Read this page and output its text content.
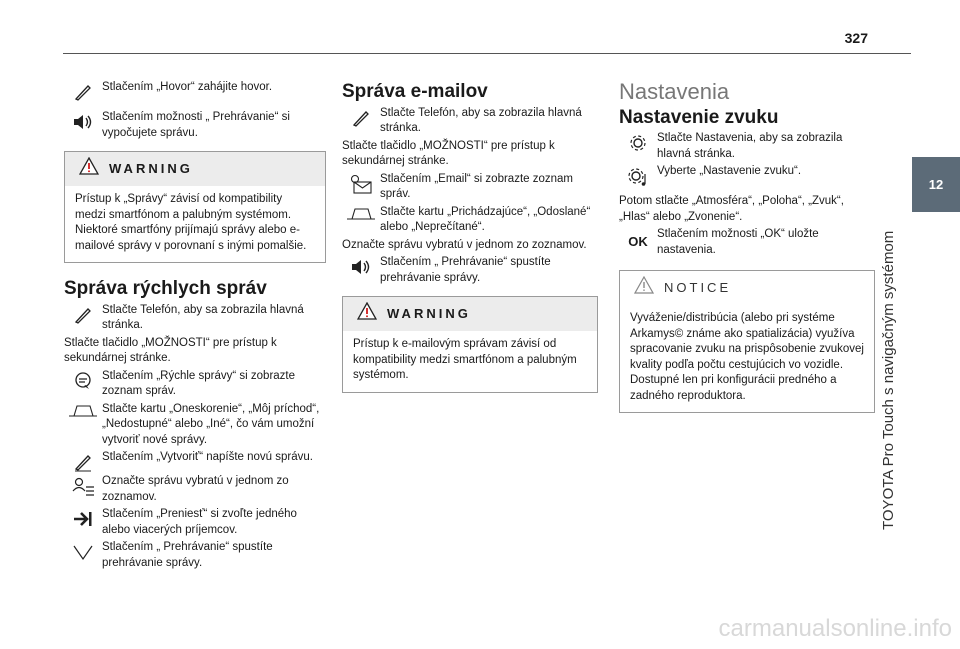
327
12
TOYOTA Pro Touch s navigačným systémom
Stlačením „Hovor“ zahájite hovor.
Stlačením možnosti „ Prehrávanie“ si vypočujete správu.
WARNING
Prístup k „Správy“ závisí od kompatibility medzi smartfónom a palubným systémom. Niektoré smartfóny prijímajú správy alebo e-mailové správy v porovnaní s inými pomalšie.
Správa rýchlych správ
Stlačte Telefón, aby sa zobrazila hlavná stránka.
Stlačte tlačidlo „MOŽNOSTI“ pre prístup k sekundárnej stránke.
Stlačením „Rýchle správy“ si zobrazte zoznam správ.
Stlačte kartu „Oneskorenie“, „Môj príchod“, „Nedostupné“ alebo „Iné“, čo vám umožní vytvoriť nové správy.
Stlačením „Vytvoriť“ napíšte novú správu.
Označte správu vybratú v jednom zo zoznamov.
Stlačením „Preniesť“ si zvoľte jedného alebo viacerých príjemcov.
Stlačením „ Prehrávanie“ spustíte prehrávanie správy.
Správa e-mailov
Stlačte Telefón, aby sa zobrazila hlavná stránka.
Stlačte tlačidlo „MOŽNOSTI“ pre prístup k sekundárnej stránke.
Stlačením „Email“ si zobrazte zoznam správ.
Stlačte kartu „Prichádzajúce“, „Odoslané“ alebo „Neprečítané“.
Označte správu vybratú v jednom zo zoznamov.
Stlačením „ Prehrávanie“ spustíte prehrávanie správy.
WARNING
Prístup k e-mailovým správam závisí od kompatibility medzi smartfónom a palubným systémom.
Nastavenia
Nastavenie zvuku
Stlačte Nastavenia, aby sa zobrazila hlavná stránka.
Vyberte „Nastavenie zvuku“.
Potom stlačte „Atmosféra“, „Poloha“, „Zvuk“, „Hlas“ alebo „Zvonenie“.
OK Stlačením možnosti „OK“ uložte nastavenia.
NOTICE
Vyváženie/distribúcia (alebo pri systéme Arkamys© známe ako spatializácia) využíva spracovanie zvuku na prispôsobenie zvukovej kvality podľa počtu cestujúcich vo vozidle. Dostupné len pri konfigurácii predného a zadného reproduktora.
carmanualsonline.info
